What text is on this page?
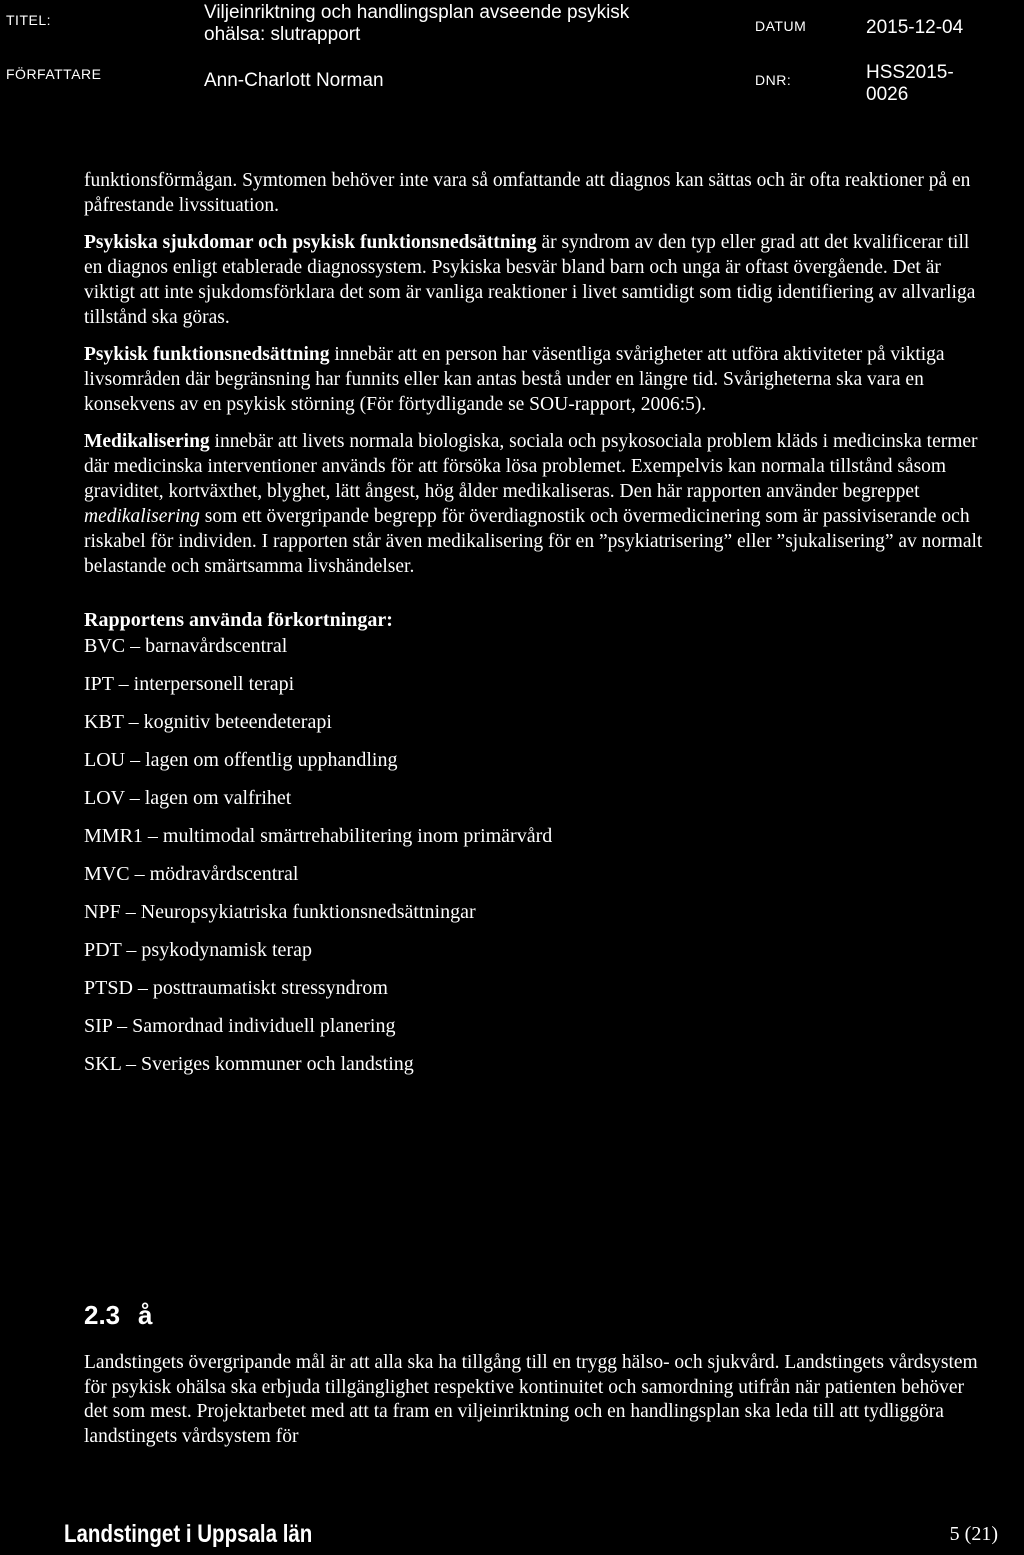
TITEL:	Viljeinriktning och handlingsplan avseende psykisk
ohälsa: slutrapport	DATUM	2015-12-04
FÖRFATTARE	Ann-Charlott Norman	DNR:	HSS2015-
0026

funktionsförmågan. Symtomen behöver inte vara så omfattande att diagnos kan sättas och är ofta reaktioner på en påfrestande livssituation.

Psykiska sjukdomar och psykisk funktionsnedsättning är syndrom av den typ eller grad att det kvalificerar till en diagnos enligt etablerade diagnossystem. Psykiska besvär bland barn och unga är oftast övergående. Det är viktigt att inte sjukdomsförklara det som är vanliga reaktioner i livet samtidigt som tidig identifiering av allvarliga tillstånd ska göras.

Psykisk funktionsnedsättning innebär att en person har väsentliga svårigheter att utföra aktiviteter på viktiga livsområden där begränsning har funnits eller kan antas bestå under en längre tid. Svårigheterna ska vara en konsekvens av en psykisk störning (För förtydligande se SOU-rapport, 2006:5).

Medikalisering innebär att livets normala biologiska, sociala och psykosociala problem kläds i medicinska termer där medicinska interventioner används för att försöka lösa problemet. Exempelvis kan normala tillstånd såsom graviditet, kortväxthet, blyghet, lätt ångest, hög ålder medikaliseras. Den här rapporten använder begreppet medikalisering som ett övergripande begrepp för överdiagnostik och övermedicinering som är passiviserande och riskabel för individen. I rapporten står även medikalisering för en ”psykiatrisering” eller ”sjukalisering” av normalt belastande och smärtsamma livshändelser.

Rapportens använda förkortningar:
BVC – barnavårdscentral
IPT – interpersonell terapi
KBT – kognitiv beteendeterapi
LOU – lagen om offentlig upphandling
LOV – lagen om valfrihet
MMR1 – multimodal smärtrehabilitering inom primärvård
MVC – mödravårdscentral
NPF – Neuropsykiatriska funktionsnedsättningar
PDT – psykodynamisk terap
PTSD – posttraumatiskt stressyndrom
SIP – Samordnad individuell planering
SKL – Sveriges kommuner och landsting
2.3 å
Landstingets övergripande mål är att alla ska ha tillgång till en trygg hälso- och sjukvård. Landstingets vårdsystem för psykisk ohälsa ska erbjuda tillgänglighet respektive kontinuitet och samordning utifrån när patienten behöver det som mest. Projektarbetet med att ta fram en viljeinriktning och en handlingsplan ska leda till att tydliggöra landstingets vårdsystem för
Landstinget i Uppsala län	5 (21)
